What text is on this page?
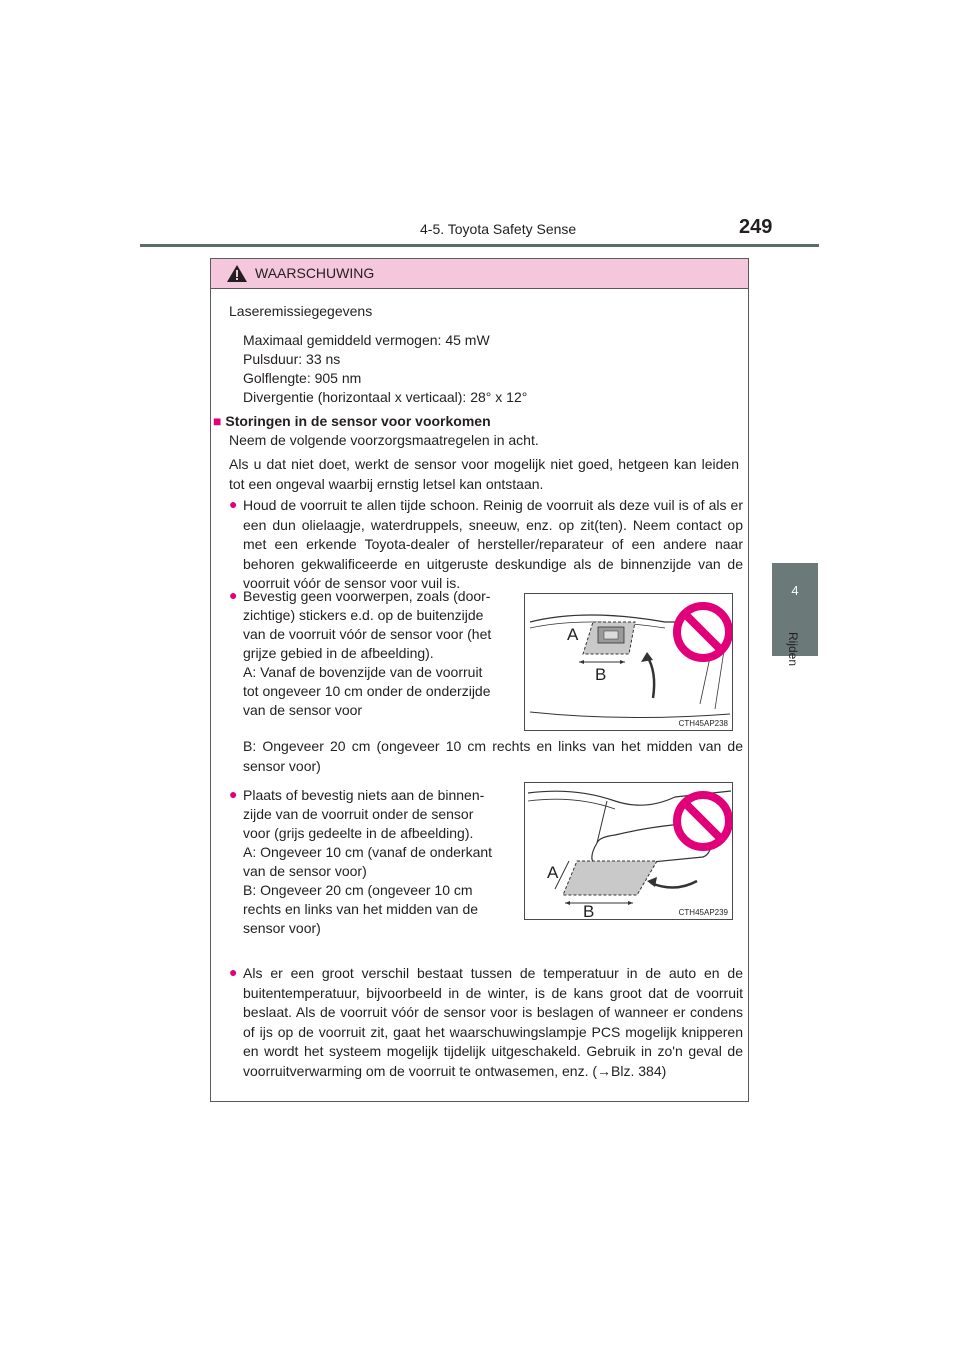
4-5. Toyota Safety Sense	249
4
Rijden
WAARSCHUWING
Laseremissiegegevens
Maximaal gemiddeld vermogen: 45 mW
Pulsduur: 33 ns
Golflengte: 905 nm
Divergentie (horizontaal x verticaal): 28° x 12°
■ Storingen in de sensor voor voorkomen
Neem de volgende voorzorgsmaatregelen in acht.
Als u dat niet doet, werkt de sensor voor mogelijk niet goed, hetgeen kan leiden tot een ongeval waarbij ernstig letsel kan ontstaan.
● Houd de voorruit te allen tijde schoon. Reinig de voorruit als deze vuil is of als er een dun olielaagje, waterdruppels, sneeuw, enz. op zit(ten). Neem contact op met een erkende Toyota-dealer of hersteller/reparateur of een andere naar behoren gekwalificeerde en uitgeruste deskundige als de binnenzijde van de voorruit vóór de sensor voor vuil is.
● Bevestig geen voorwerpen, zoals (door-
zichtige) stickers e.d. op de buitenzijde
van de voorruit vóór de sensor voor (het
grijze gebied in de afbeelding).
A: Vanaf de bovenzijde van de voorruit
tot ongeveer 10 cm onder de onderzijde
van de sensor voor
A
B
CTH45AP238
B: Ongeveer 20 cm (ongeveer 10 cm rechts en links van het midden van de sensor voor)
● Plaats of bevestig niets aan de binnen-
zijde van de voorruit onder de sensor
voor (grijs gedeelte in de afbeelding).
A: Ongeveer 10 cm (vanaf de onderkant
van de sensor voor)
B: Ongeveer 20 cm (ongeveer 10 cm
rechts en links van het midden van de
sensor voor)
A
B	CTH45AP239
● Als er een groot verschil bestaat tussen de temperatuur in de auto en de buitentemperatuur, bijvoorbeeld in de winter, is de kans groot dat de voorruit beslaat. Als de voorruit vóór de sensor voor is beslagen of wanneer er condens of ijs op de voorruit zit, gaat het waarschuwingslampje PCS mogelijk knipperen en wordt het systeem mogelijk tijdelijk uitgeschakeld. Gebruik in zo'n geval de voorruitverwarming om de voorruit te ontwasemen, enz. (→Blz. 384)
